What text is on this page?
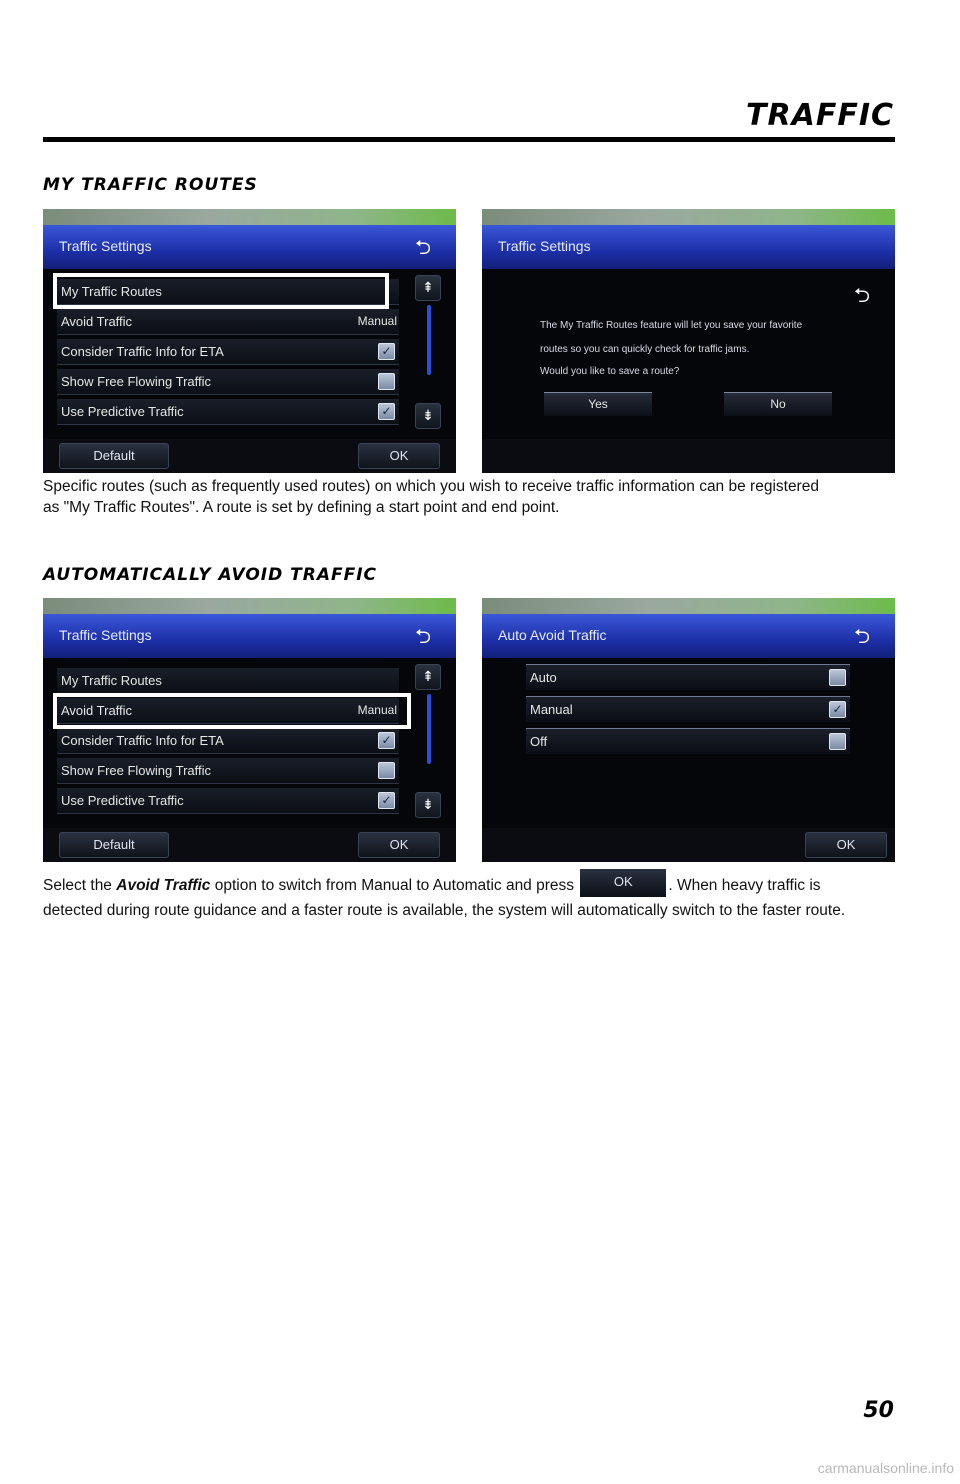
TRAFFIC
MY TRAFFIC ROUTES
Traffic Settings	⮌
My Traffic Routes
Avoid Traffic	Manual
Consider Traffic Info for ETA	✓
Show Free Flowing Traffic
Use Predictive Traffic	✓
⇞
⇟
Default	OK
Traffic Settings
⮌
The My Traffic Routes feature will let you save your favorite
routes so you can quickly check for traffic jams.
Would you like to save a route?
Yes	No
Specific routes (such as frequently used routes) on which you wish to receive traffic information can be registered
as "My Traffic Routes". A route is set by defining a start point and end point.
AUTOMATICALLY AVOID TRAFFIC
Traffic Settings	⮌
My Traffic Routes
Avoid Traffic	Manual
Consider Traffic Info for ETA	✓
Show Free Flowing Traffic
Use Predictive Traffic	✓
⇞
⇟
Default	OK
Auto Avoid Traffic	⮌
Auto
Manual	✓
Off
OK
Select the Avoid Traffic option to switch from Manual to Automatic and press	OK . When heavy traffic is
detected during route guidance and a faster route is available, the system will automatically switch to the faster route.
50
carmanualsonline.info
